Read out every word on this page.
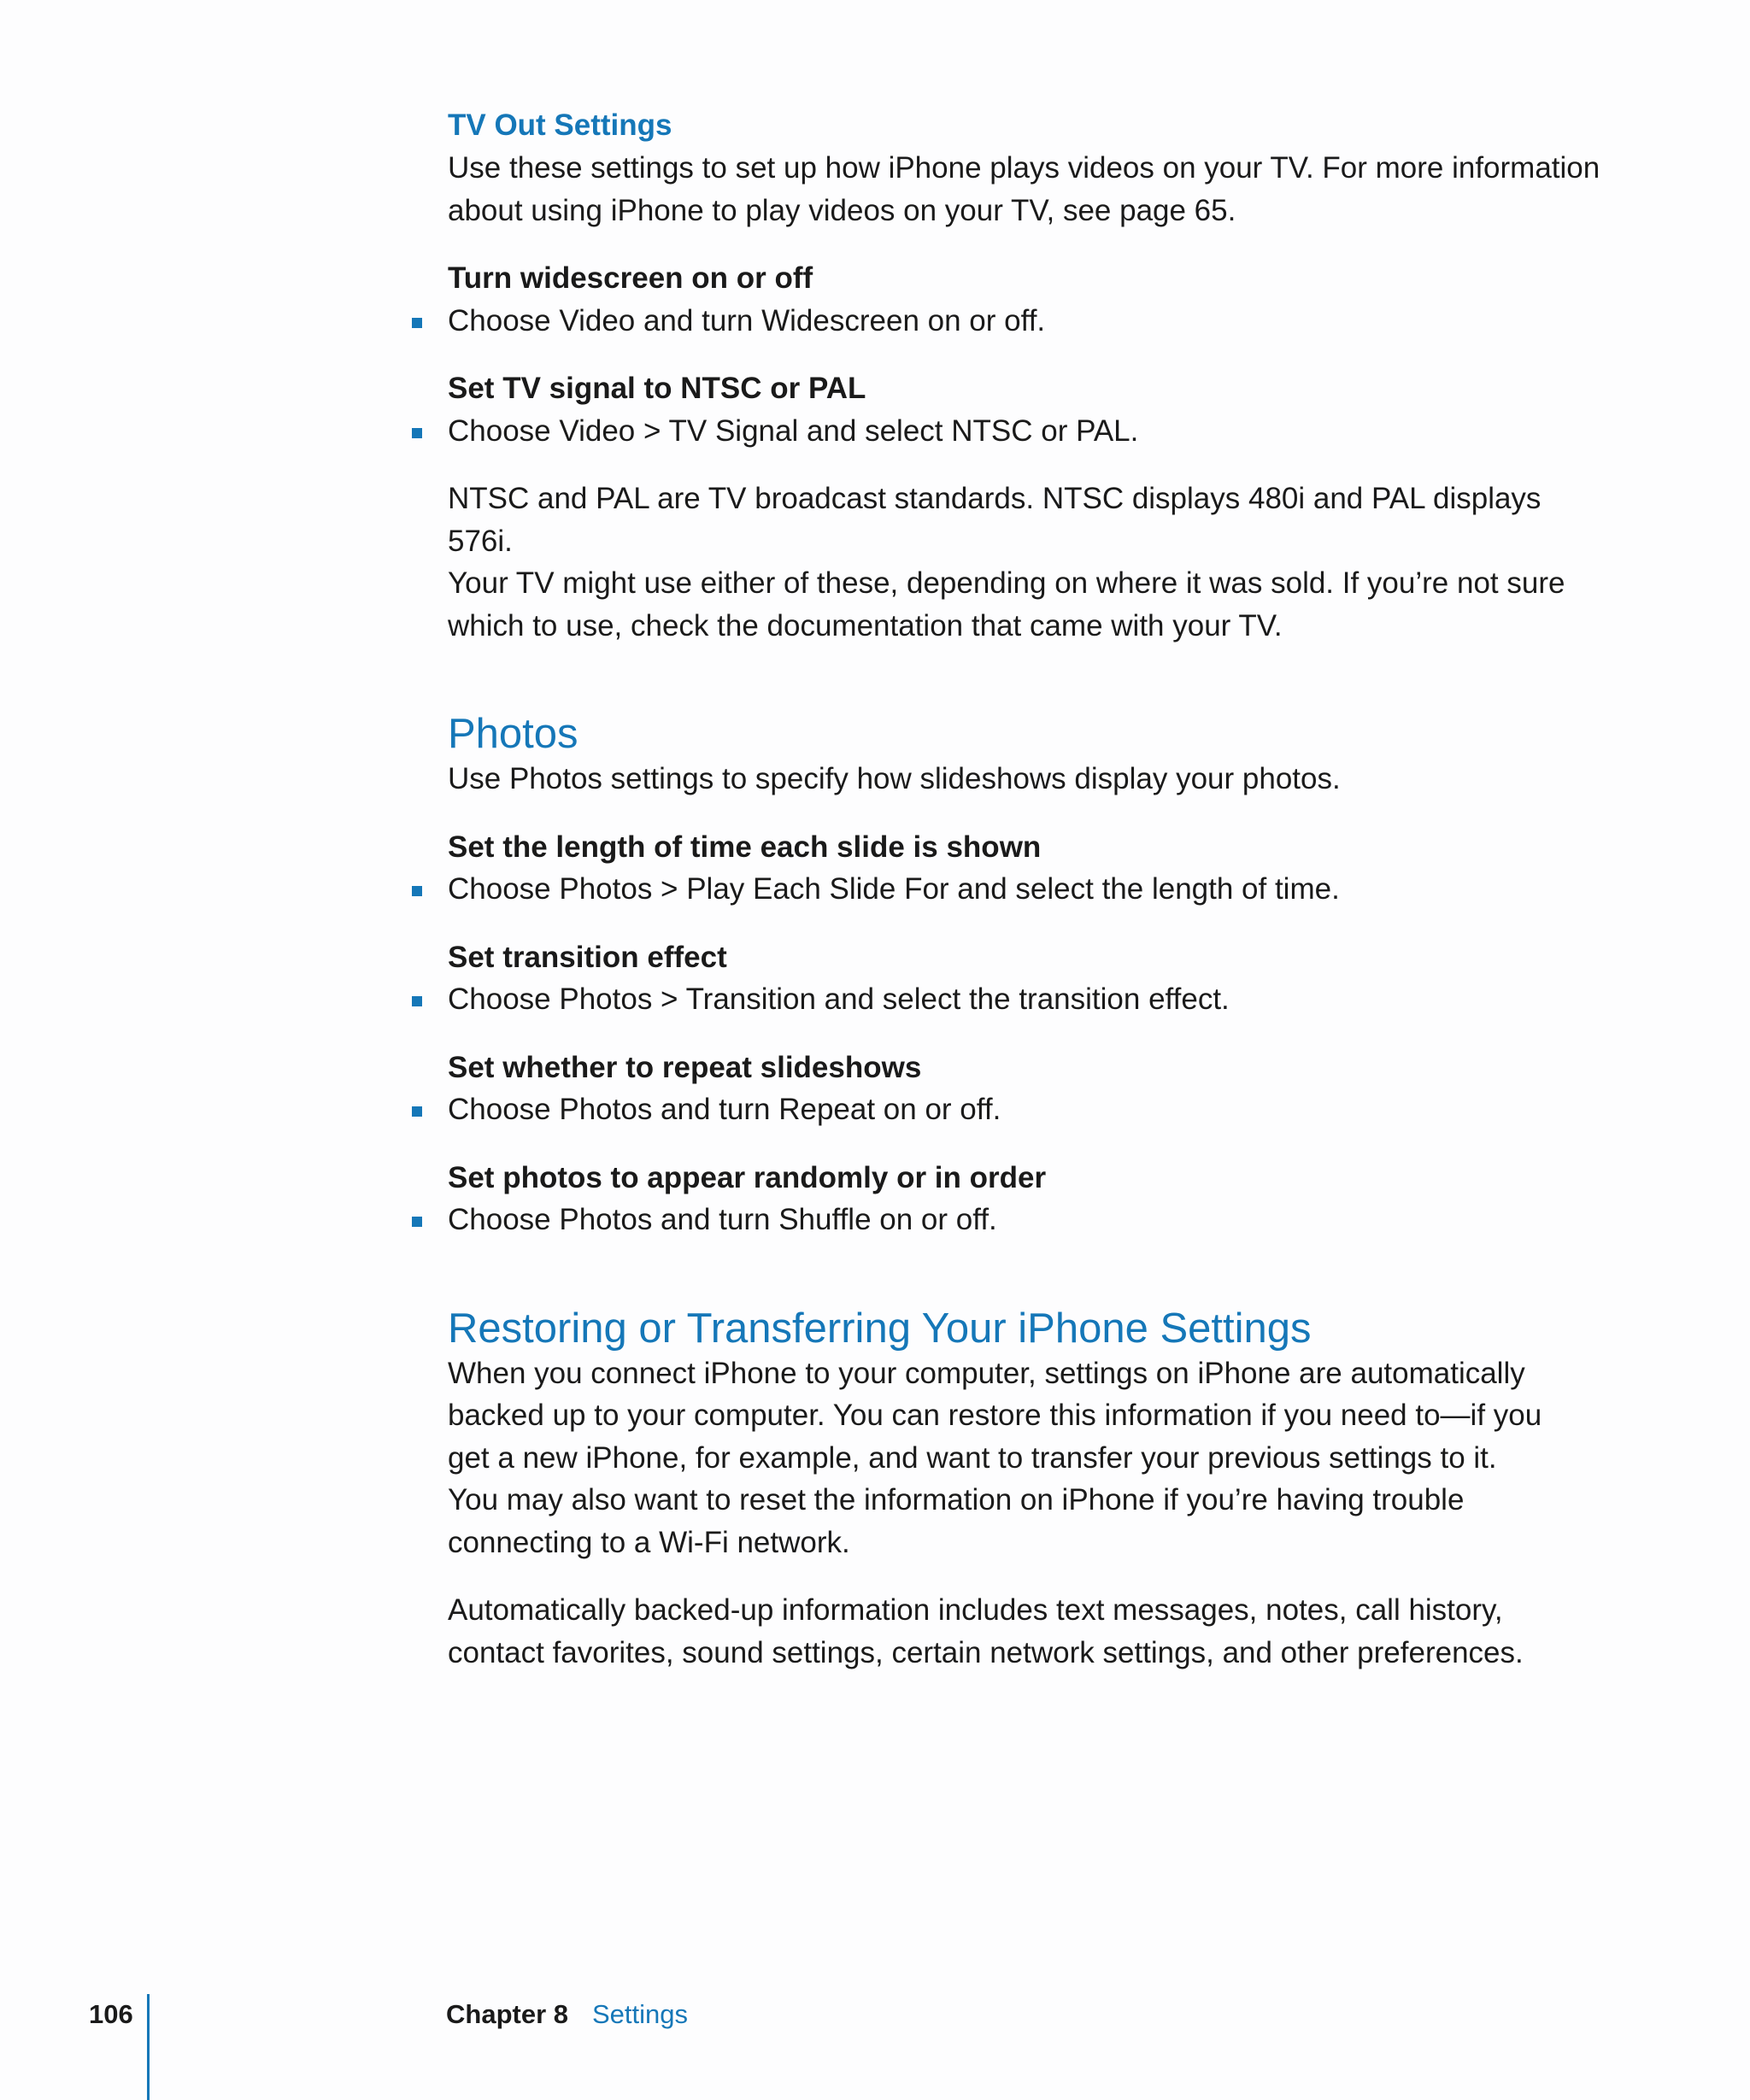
TV Out Settings

Use these settings to set up how iPhone plays videos on your TV. For more information
about using iPhone to play videos on your TV, see page 65.

Turn widescreen on or off

Choose Video and turn Widescreen on or off.

Set TV signal to NTSC or PAL

Choose Video > TV Signal and select NTSC or PAL.

NTSC and PAL are TV broadcast standards. NTSC displays 480i and PAL displays 576i.
Your TV might use either of these, depending on where it was sold. If you’re not sure
which to use, check the documentation that came with your TV.

Photos

Use Photos settings to specify how slideshows display your photos.

Set the length of time each slide is shown

Choose Photos > Play Each Slide For and select the length of time.

Set transition effect

Choose Photos > Transition and select the transition effect.

Set whether to repeat slideshows

Choose Photos and turn Repeat on or off.

Set photos to appear randomly or in order

Choose Photos and turn Shuffle on or off.

Restoring or Transferring Your iPhone Settings

When you connect iPhone to your computer, settings on iPhone are automatically
backed up to your computer. You can restore this information if you need to—if you
get a new iPhone, for example, and want to transfer your previous settings to it.
You may also want to reset the information on iPhone if you’re having trouble
connecting to a Wi-Fi network.

Automatically backed-up information includes text messages, notes, call history,
contact favorites, sound settings, certain network settings, and other preferences.

106	Chapter 8 Settings
